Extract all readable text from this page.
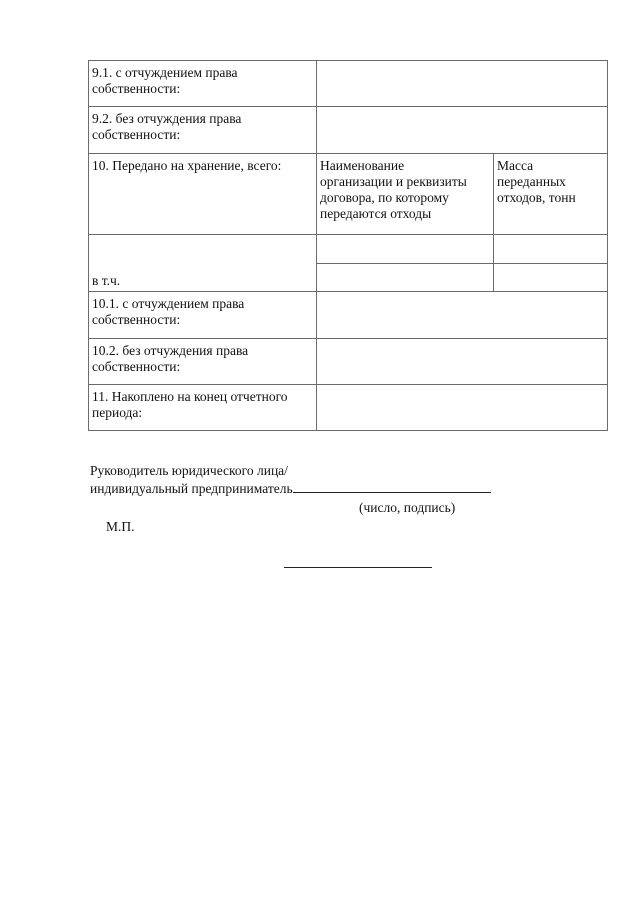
9.1. с отчуждением права
собственности:		
9.2. без отчуждения права
собственности:		
10. Передано на хранение, всего:	Наименование
организации и реквизиты
договора, по которому
передаются отходы	Масса
переданных
отходов, тонн
в т.ч.		

10.1. с отчуждением права
собственности:		
10.2. без отчуждения права
собственности:		
11. Накоплено на конец отчетного
периода:		
Руководитель юридического лица/
индивидуальный предприниматель
(число, подпись)
М.П.
